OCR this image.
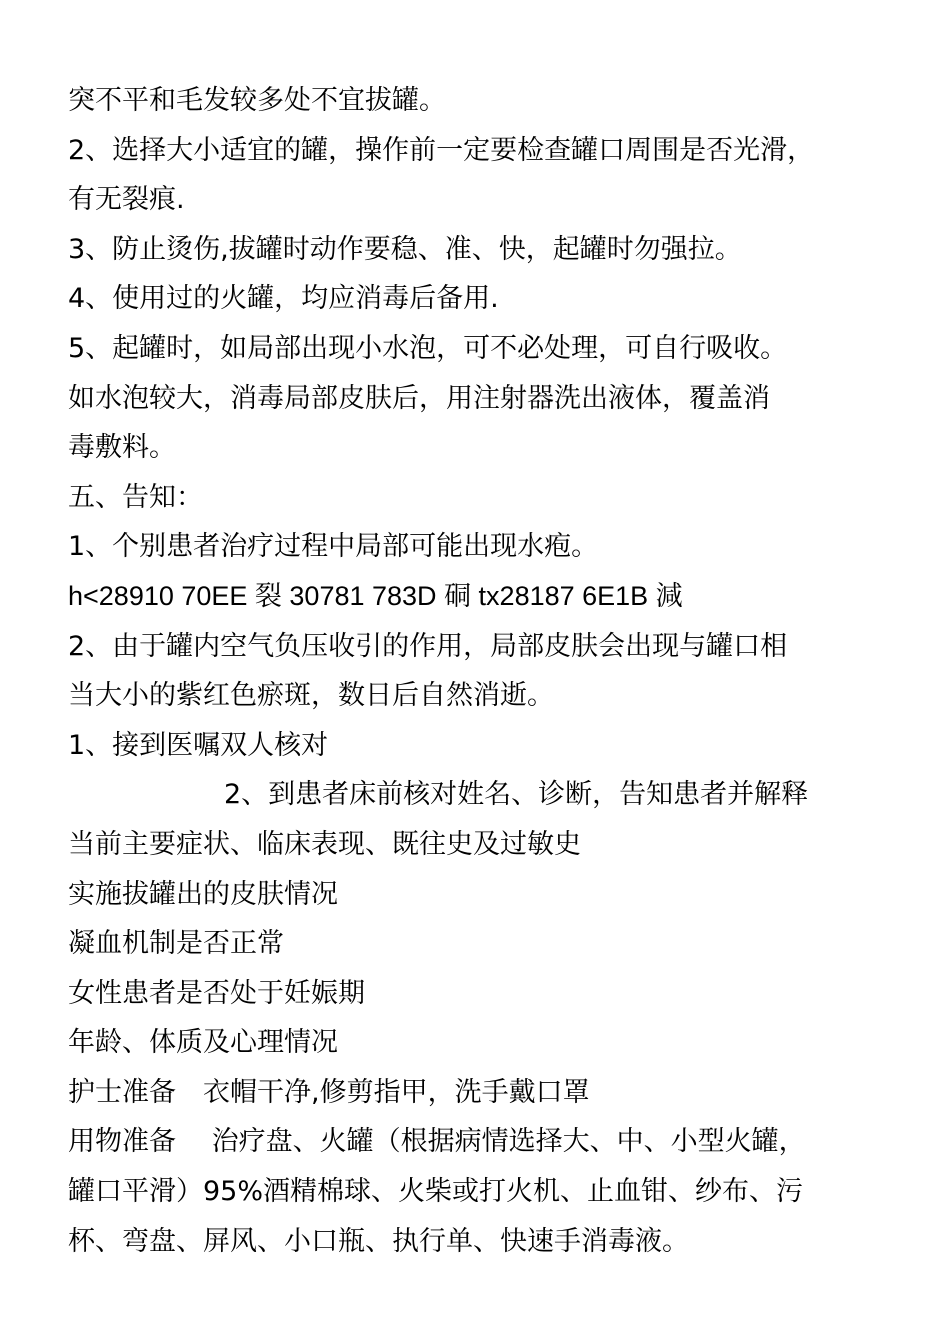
突不平和毛发较多处不宜拔罐。
2、选择大小适宜的罐，操作前一定要检查罐口周围是否光滑，
有无裂痕.
3、防止烫伤,拔罐时动作要稳、准、快，起罐时勿强拉。
4、使用过的火罐，均应消毒后备用.
5、起罐时，如局部出现小水泡，可不必处理，可自行吸收。
如水泡较大，消毒局部皮肤后，用注射器洗出液体，覆盖消
毒敷料。
五、告知：
1、个别患者治疗过程中局部可能出现水疱。
h<28910 70EE 裂 30781 783D 硐 tx28187 6E1B 減
2、由于罐内空气负压收引的作用，局部皮肤会出现与罐口相
当大小的紫红色瘀斑，数日后自然消逝。
1、接到医嘱双人核对
2、到患者床前核对姓名、诊断，告知患者并解释
当前主要症状、临床表现、既往史及过敏史
实施拔罐出的皮肤情况
凝血机制是否正常
女性患者是否处于妊娠期
年龄、体质及心理情况
护士准备　衣帽干净,修剪指甲，洗手戴口罩
用物准备　 治疗盘、火罐（根据病情选择大、中、小型火罐，
罐口平滑）95%酒精棉球、火柴或打火机、止血钳、纱布、污
杯、弯盘、屏风、小口瓶、执行单、快速手消毒液。
